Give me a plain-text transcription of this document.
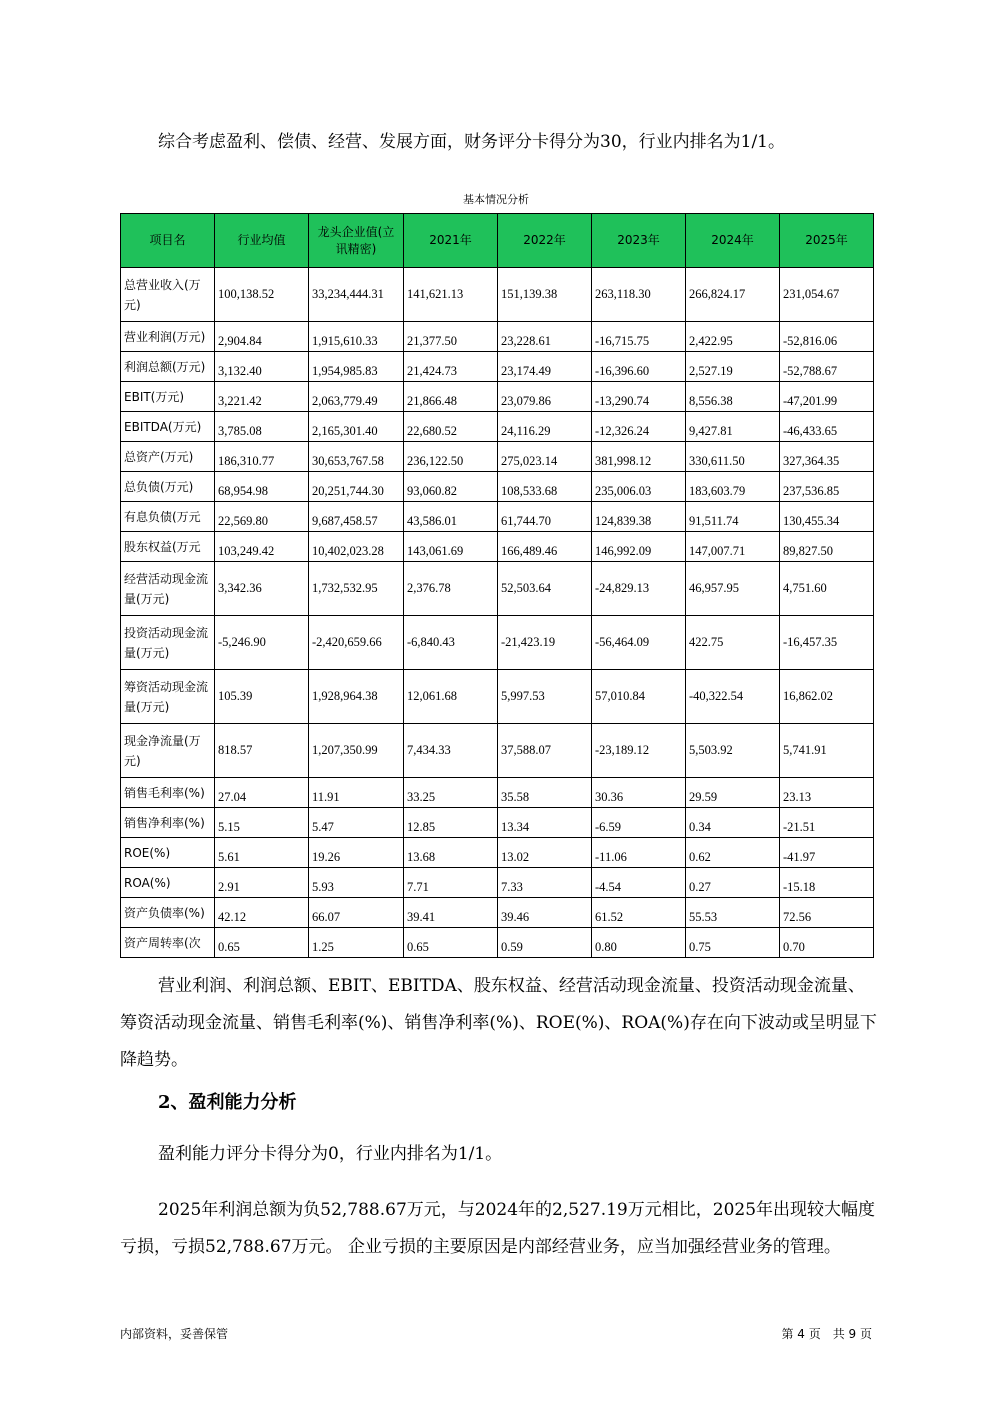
综合考虑盈利、偿债、经营、发展方面，财务评分卡得分为30，行业内排名为1/1。

基本情况分析
项目名	行业均值	龙头企业值(立讯精密)	2021年	2022年	2023年	2024年	2025年
总营业收入(万元)	100,138.52	33,234,444.31	141,621.13	151,139.38	263,118.30	266,824.17	231,054.67
营业利润(万元)	2,904.84	1,915,610.33	21,377.50	23,228.61	-16,715.75	2,422.95	-52,816.06
利润总额(万元)	3,132.40	1,954,985.83	21,424.73	23,174.49	-16,396.60	2,527.19	-52,788.67
EBIT(万元)	3,221.42	2,063,779.49	21,866.48	23,079.86	-13,290.74	8,556.38	-47,201.99
EBITDA(万元)	3,785.08	2,165,301.40	22,680.52	24,116.29	-12,326.24	9,427.81	-46,433.65
总资产(万元)	186,310.77	30,653,767.58	236,122.50	275,023.14	381,998.12	330,611.50	327,364.35
总负债(万元)	68,954.98	20,251,744.30	93,060.82	108,533.68	235,006.03	183,603.79	237,536.85
有息负债(万元	22,569.80	9,687,458.57	43,586.01	61,744.70	124,839.38	91,511.74	130,455.34
股东权益(万元	103,249.42	10,402,023.28	143,061.69	166,489.46	146,992.09	147,007.71	89,827.50
经营活动现金流量(万元)	3,342.36	1,732,532.95	2,376.78	52,503.64	-24,829.13	46,957.95	4,751.60
投资活动现金流量(万元)	-5,246.90	-2,420,659.66	-6,840.43	-21,423.19	-56,464.09	422.75	-16,457.35
筹资活动现金流量(万元)	105.39	1,928,964.38	12,061.68	5,997.53	57,010.84	-40,322.54	16,862.02
现金净流量(万元)	818.57	1,207,350.99	7,434.33	37,588.07	-23,189.12	5,503.92	5,741.91
销售毛利率(%)	27.04	11.91	33.25	35.58	30.36	29.59	23.13
销售净利率(%)	5.15	5.47	12.85	13.34	-6.59	0.34	-21.51
ROE(%)	5.61	19.26	13.68	13.02	-11.06	0.62	-41.97
ROA(%)	2.91	5.93	7.71	7.33	-4.54	0.27	-15.18
资产负债率(%)	42.12	66.07	39.41	39.46	61.52	55.53	72.56
资产周转率(次	0.65	1.25	0.65	0.59	0.80	0.75	0.70

营业利润、利润总额、EBIT、EBITDA、股东权益、经营活动现金流量、投资活动现金流量、筹资活动现金流量、销售毛利率(%)、销售净利率(%)、ROE(%)、ROA(%)存在向下波动或呈明显下降趋势。

2、盈利能力分析

盈利能力评分卡得分为0，行业内排名为1/1。

2025年利润总额为负52,788.67万元，与2024年的2,527.19万元相比，2025年出现较大幅度亏损，亏损52,788.67万元。 企业亏损的主要原因是内部经营业务，应当加强经营业务的管理。

内部资料，妥善保管	第 4 页　共 9 页
